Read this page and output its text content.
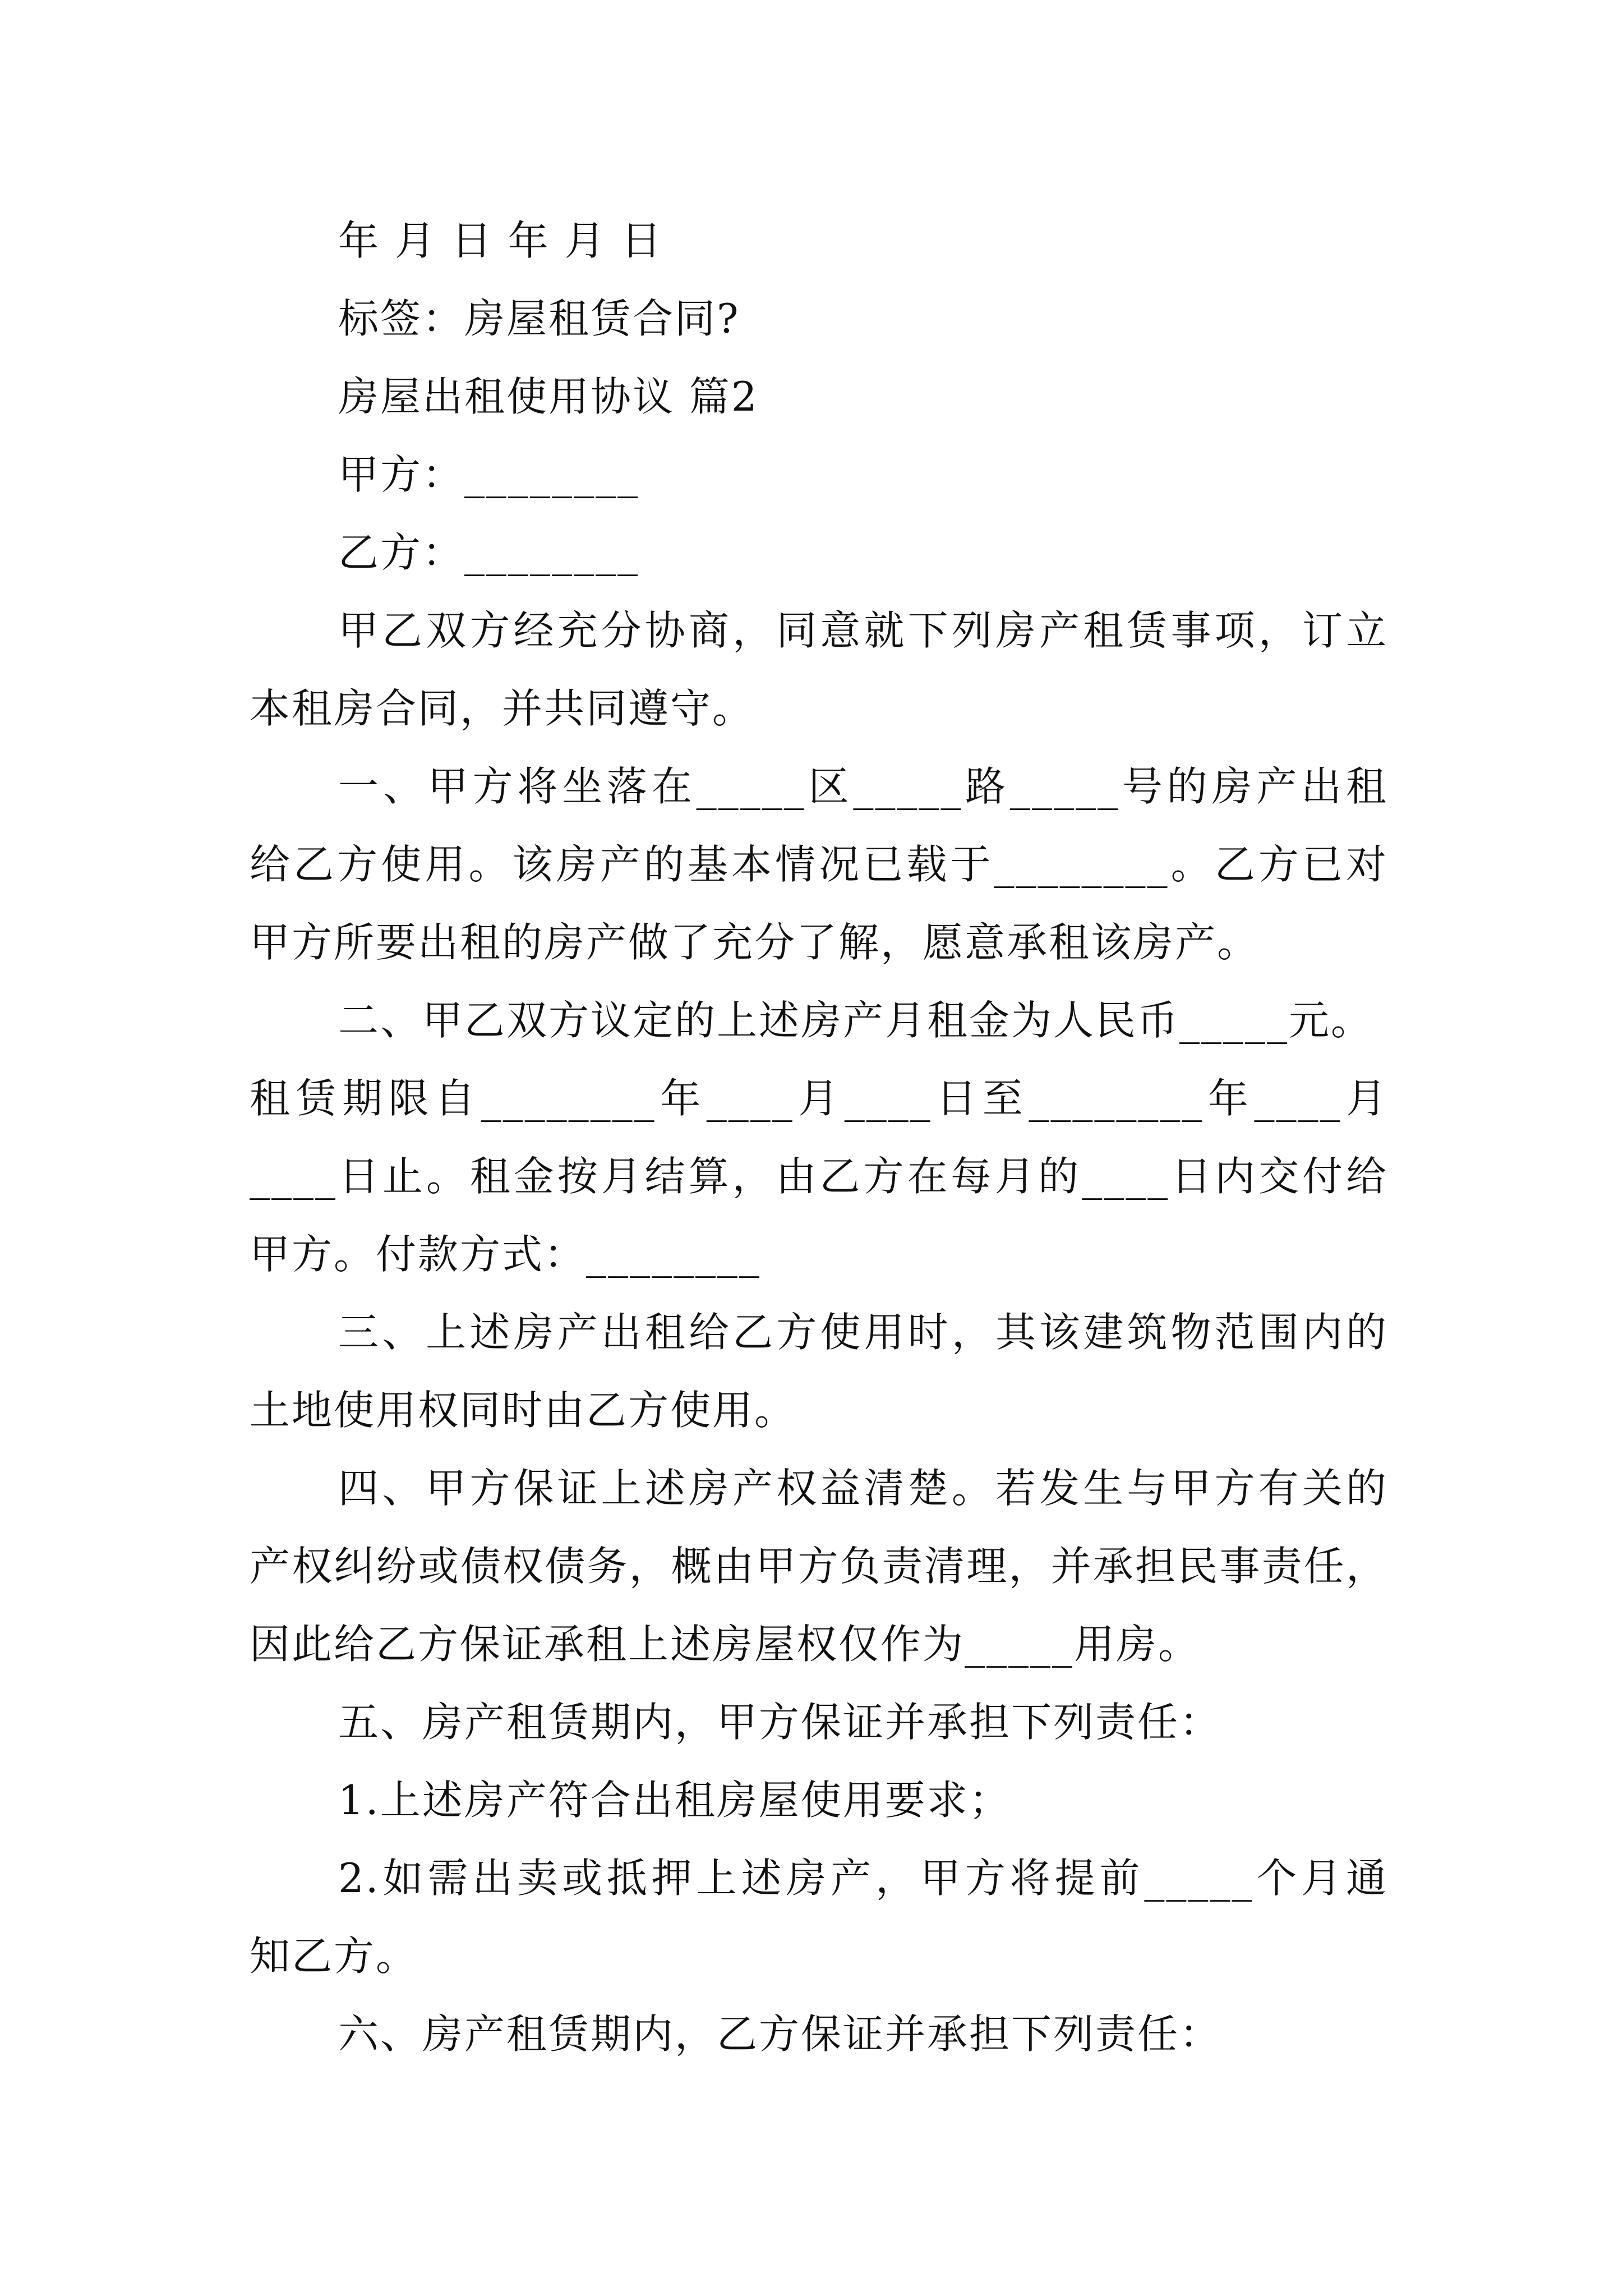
年 月 日 年 月 日
标签：房屋租赁合同?
房屋出租使用协议 篇2
甲方：________
乙方：________
甲乙双方经充分协商，同意就下列房产租赁事项，订立
本租房合同，并共同遵守。
一、甲方将坐落在_____区_____路_____号的房产出租
给乙方使用。该房产的基本情况已载于________。乙方已对
甲方所要出租的房产做了充分了解，愿意承租该房产。
二、甲乙双方议定的上述房产月租金为人民币_____元。
租赁期限自________年____月____日至________年____月
____日止。租金按月结算，由乙方在每月的____日内交付给
甲方。付款方式：________
三、上述房产出租给乙方使用时，其该建筑物范围内的
土地使用权同时由乙方使用。
四、甲方保证上述房产权益清楚。若发生与甲方有关的
产权纠纷或债权债务，概由甲方负责清理，并承担民事责任，
因此给乙方保证承租上述房屋权仅作为_____用房。
五、房产租赁期内，甲方保证并承担下列责任：
1.上述房产符合出租房屋使用要求；
2.如需出卖或抵押上述房产，甲方将提前_____个月通
知乙方。
六、房产租赁期内，乙方保证并承担下列责任：
